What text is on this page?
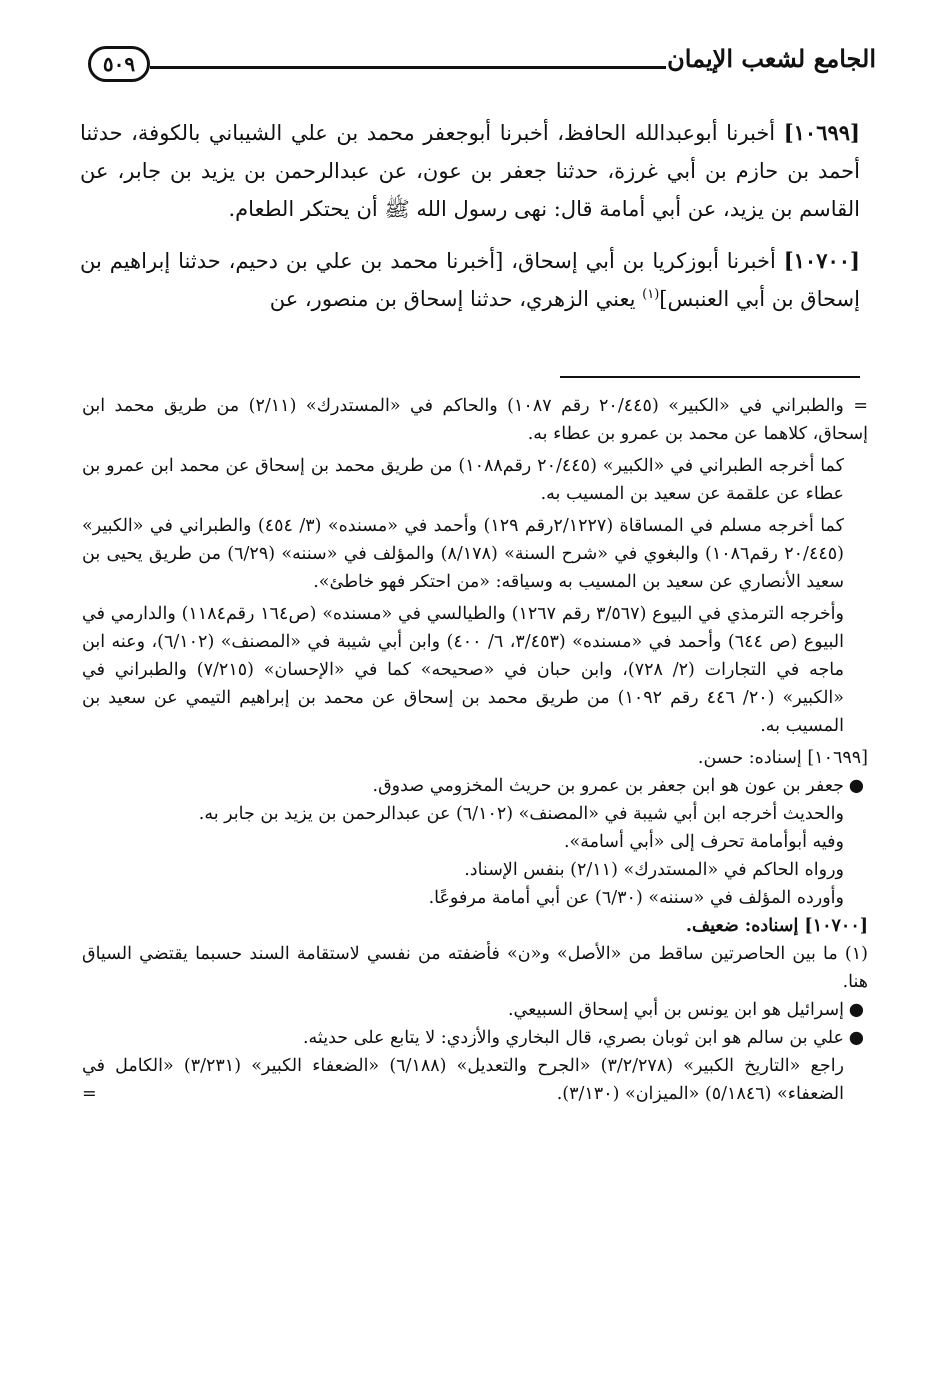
٥٠٩	الجامع لشعب الإيمان

[١٠٦٩٩] أخبرنا أبوعبدالله الحافظ، أخبرنا أبوجعفر محمد بن علي الشيباني بالكوفة، حدثنا أحمد بن حازم بن أبي غرزة، حدثنا جعفر بن عون، عن عبدالرحمن بن يزيد بن جابر، عن القاسم بن يزيد، عن أبي أمامة قال: نهى رسول الله ﷺ أن يحتكر الطعام.

[١٠٧٠٠] أخبرنا أبوزكريا بن أبي إسحاق، [أخبرنا محمد بن علي بن دحيم، حدثنا إبراهيم بن إسحاق بن أبي العنبس]$^{(١)}$ يعني الزهري، حدثنا إسحاق بن منصور، عن

= والطبراني في «الكبير» (٢٠/٤٤٥ رقم ١٠٨٧) والحاكم في «المستدرك» (٢/١١) من طريق محمد ابن إسحاق، كلاهما عن محمد بن عمرو بن عطاء به.

كما أخرجه الطبراني في «الكبير» (٢٠/٤٤٥ رقم١٠٨٨) من طريق محمد بن إسحاق عن محمد ابن عمرو بن عطاء عن علقمة عن سعيد بن المسيب به.

كما أخرجه مسلم في المساقاة (٢/١٢٢٧رقم ١٢٩) وأحمد في «مسنده» (٣/ ٤٥٤) والطبراني في «الكبير» (٢٠/٤٤٥ رقم١٠٨٦) والبغوي في «شرح السنة» (٨/١٧٨) والمؤلف في «سننه» (٦/٢٩) من طريق يحيى بن سعيد الأنصاري عن سعيد بن المسيب به وسياقه: «من احتكر فهو خاطئ».

وأخرجه الترمذي في البيوع (٣/٥٦٧ رقم ١٢٦٧) والطيالسي في «مسنده» (ص١٦٤ رقم١١٨٤) والدارمي في البيوع (ص ٦٤٤) وأحمد في «مسنده» (٣/٤٥٣، ٦/ ٤٠٠) وابن أبي شيبة في «المصنف» (٦/١٠٢)، وعنه ابن ماجه في التجارات (٢/ ٧٢٨)، وابن حبان في «صحيحه» كما في «الإحسان» (٧/٢١٥) والطبراني في «الكبير» (٢٠/ ٤٤٦ رقم ١٠٩٢) من طريق محمد بن إسحاق عن محمد بن إبراهيم التيمي عن سعيد بن المسيب به.

[١٠٦٩٩] إسناده: حسن.

●
جعفر بن عون هو ابن جعفر بن عمرو بن حريث المخزومي صدوق.

والحديث أخرجه ابن أبي شيبة في «المصنف» (٦/١٠٢) عن عبدالرحمن بن يزيد بن جابر به.

وفيه أبوأمامة تحرف إلى «أبي أسامة».

ورواه الحاكم في «المستدرك» (٢/١١) بنفس الإسناد.

وأورده المؤلف في «سننه» (٦/٣٠) عن أبي أمامة مرفوعًا.

[١٠٧٠٠] إسناده: ضعيف.

(١) ما بين الحاصرتين ساقط من «الأصل» و«ن» فأضفته من نفسي لاستقامة السند حسبما يقتضي السياق هنا.

●
إسرائيل هو ابن يونس بن أبي إسحاق السبيعي.

●
علي بن سالم هو ابن ثوبان بصري، قال البخاري والأزدي: لا يتابع على حديثه.

راجع «التاريخ الكبير» (٣/٢/٢٧٨) «الجرح والتعديل» (٦/١٨٨) «الضعفاء الكبير» (٣/٢٣١) «الكامل في الضعفاء» (٥/١٨٤٦) «الميزان» (٣/١٣٠).
=
